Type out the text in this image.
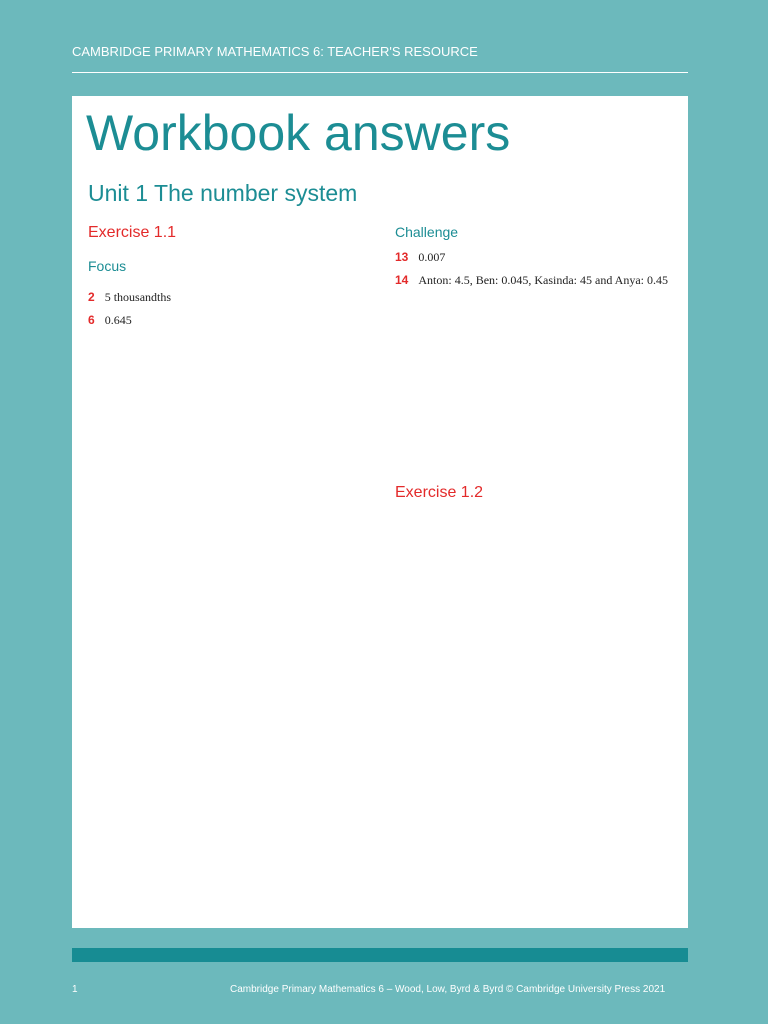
CAMBRIDGE PRIMARY MATHEMATICS 6: TEACHER'S RESOURCE
Workbook answers
Unit 1 The number system
Exercise 1.1
Focus
2 5 thousandths
6 0.645
Challenge
13 0.007
14 Anton: 4.5, Ben: 0.045, Kasinda: 45 and Anya: 0.45
Exercise 1.2
1	Cambridge Primary Mathematics 6 – Wood, Low, Byrd & Byrd © Cambridge University Press 2021
